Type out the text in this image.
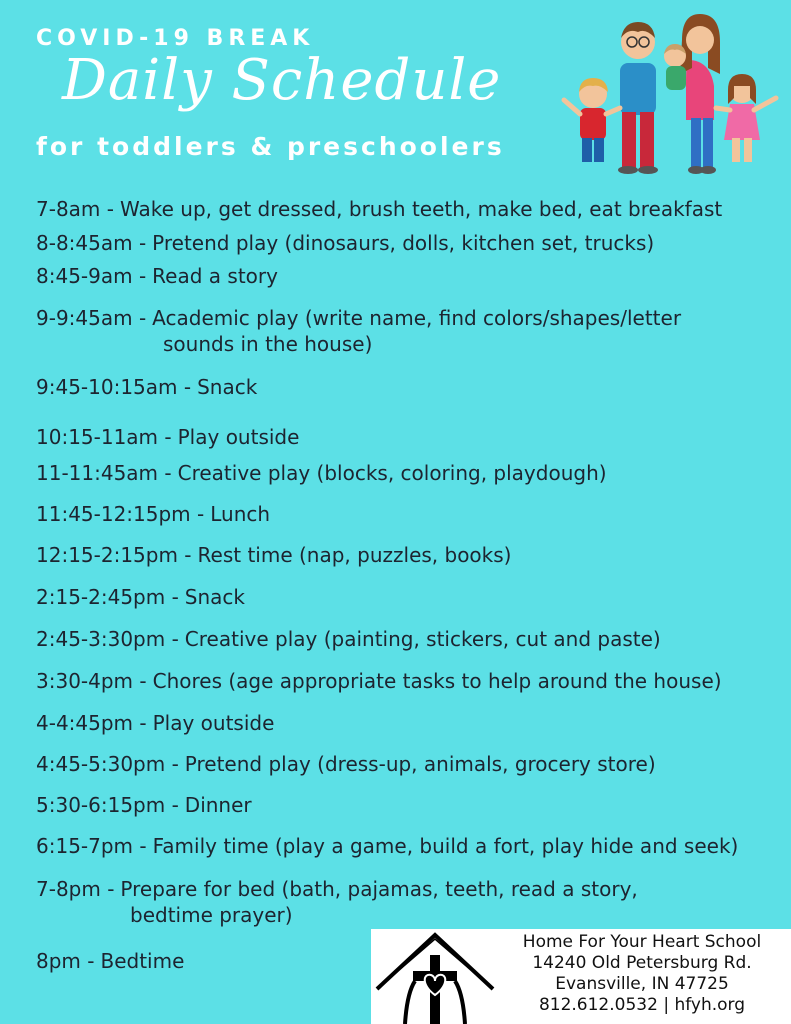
COVID-19 BREAK
Daily Schedule
for toddlers & preschoolers
7-8am - Wake up, get dressed, brush teeth, make bed, eat breakfast
8-8:45am - Pretend play (dinosaurs, dolls, kitchen set, trucks)
8:45-9am - Read a story
9-9:45am - Academic play (write name, find colors/shapes/letter
sounds in the house)
9:45-10:15am - Snack
10:15-11am - Play outside
11-11:45am - Creative play (blocks, coloring, playdough)
11:45-12:15pm - Lunch
12:15-2:15pm - Rest time (nap, puzzles, books)
2:15-2:45pm - Snack
2:45-3:30pm - Creative play (painting, stickers, cut and paste)
3:30-4pm - Chores (age appropriate tasks to help around the house)
4-4:45pm - Play outside
4:45-5:30pm - Pretend play (dress-up, animals, grocery store)
5:30-6:15pm - Dinner
6:15-7pm - Family time (play a game, build a fort, play hide and seek)
7-8pm - Prepare for bed (bath, pajamas, teeth, read a story,
bedtime prayer)
8pm - Bedtime
Home For Your Heart School
14240 Old Petersburg Rd.
Evansville, IN 47725
812.612.0532 | hfyh.org
